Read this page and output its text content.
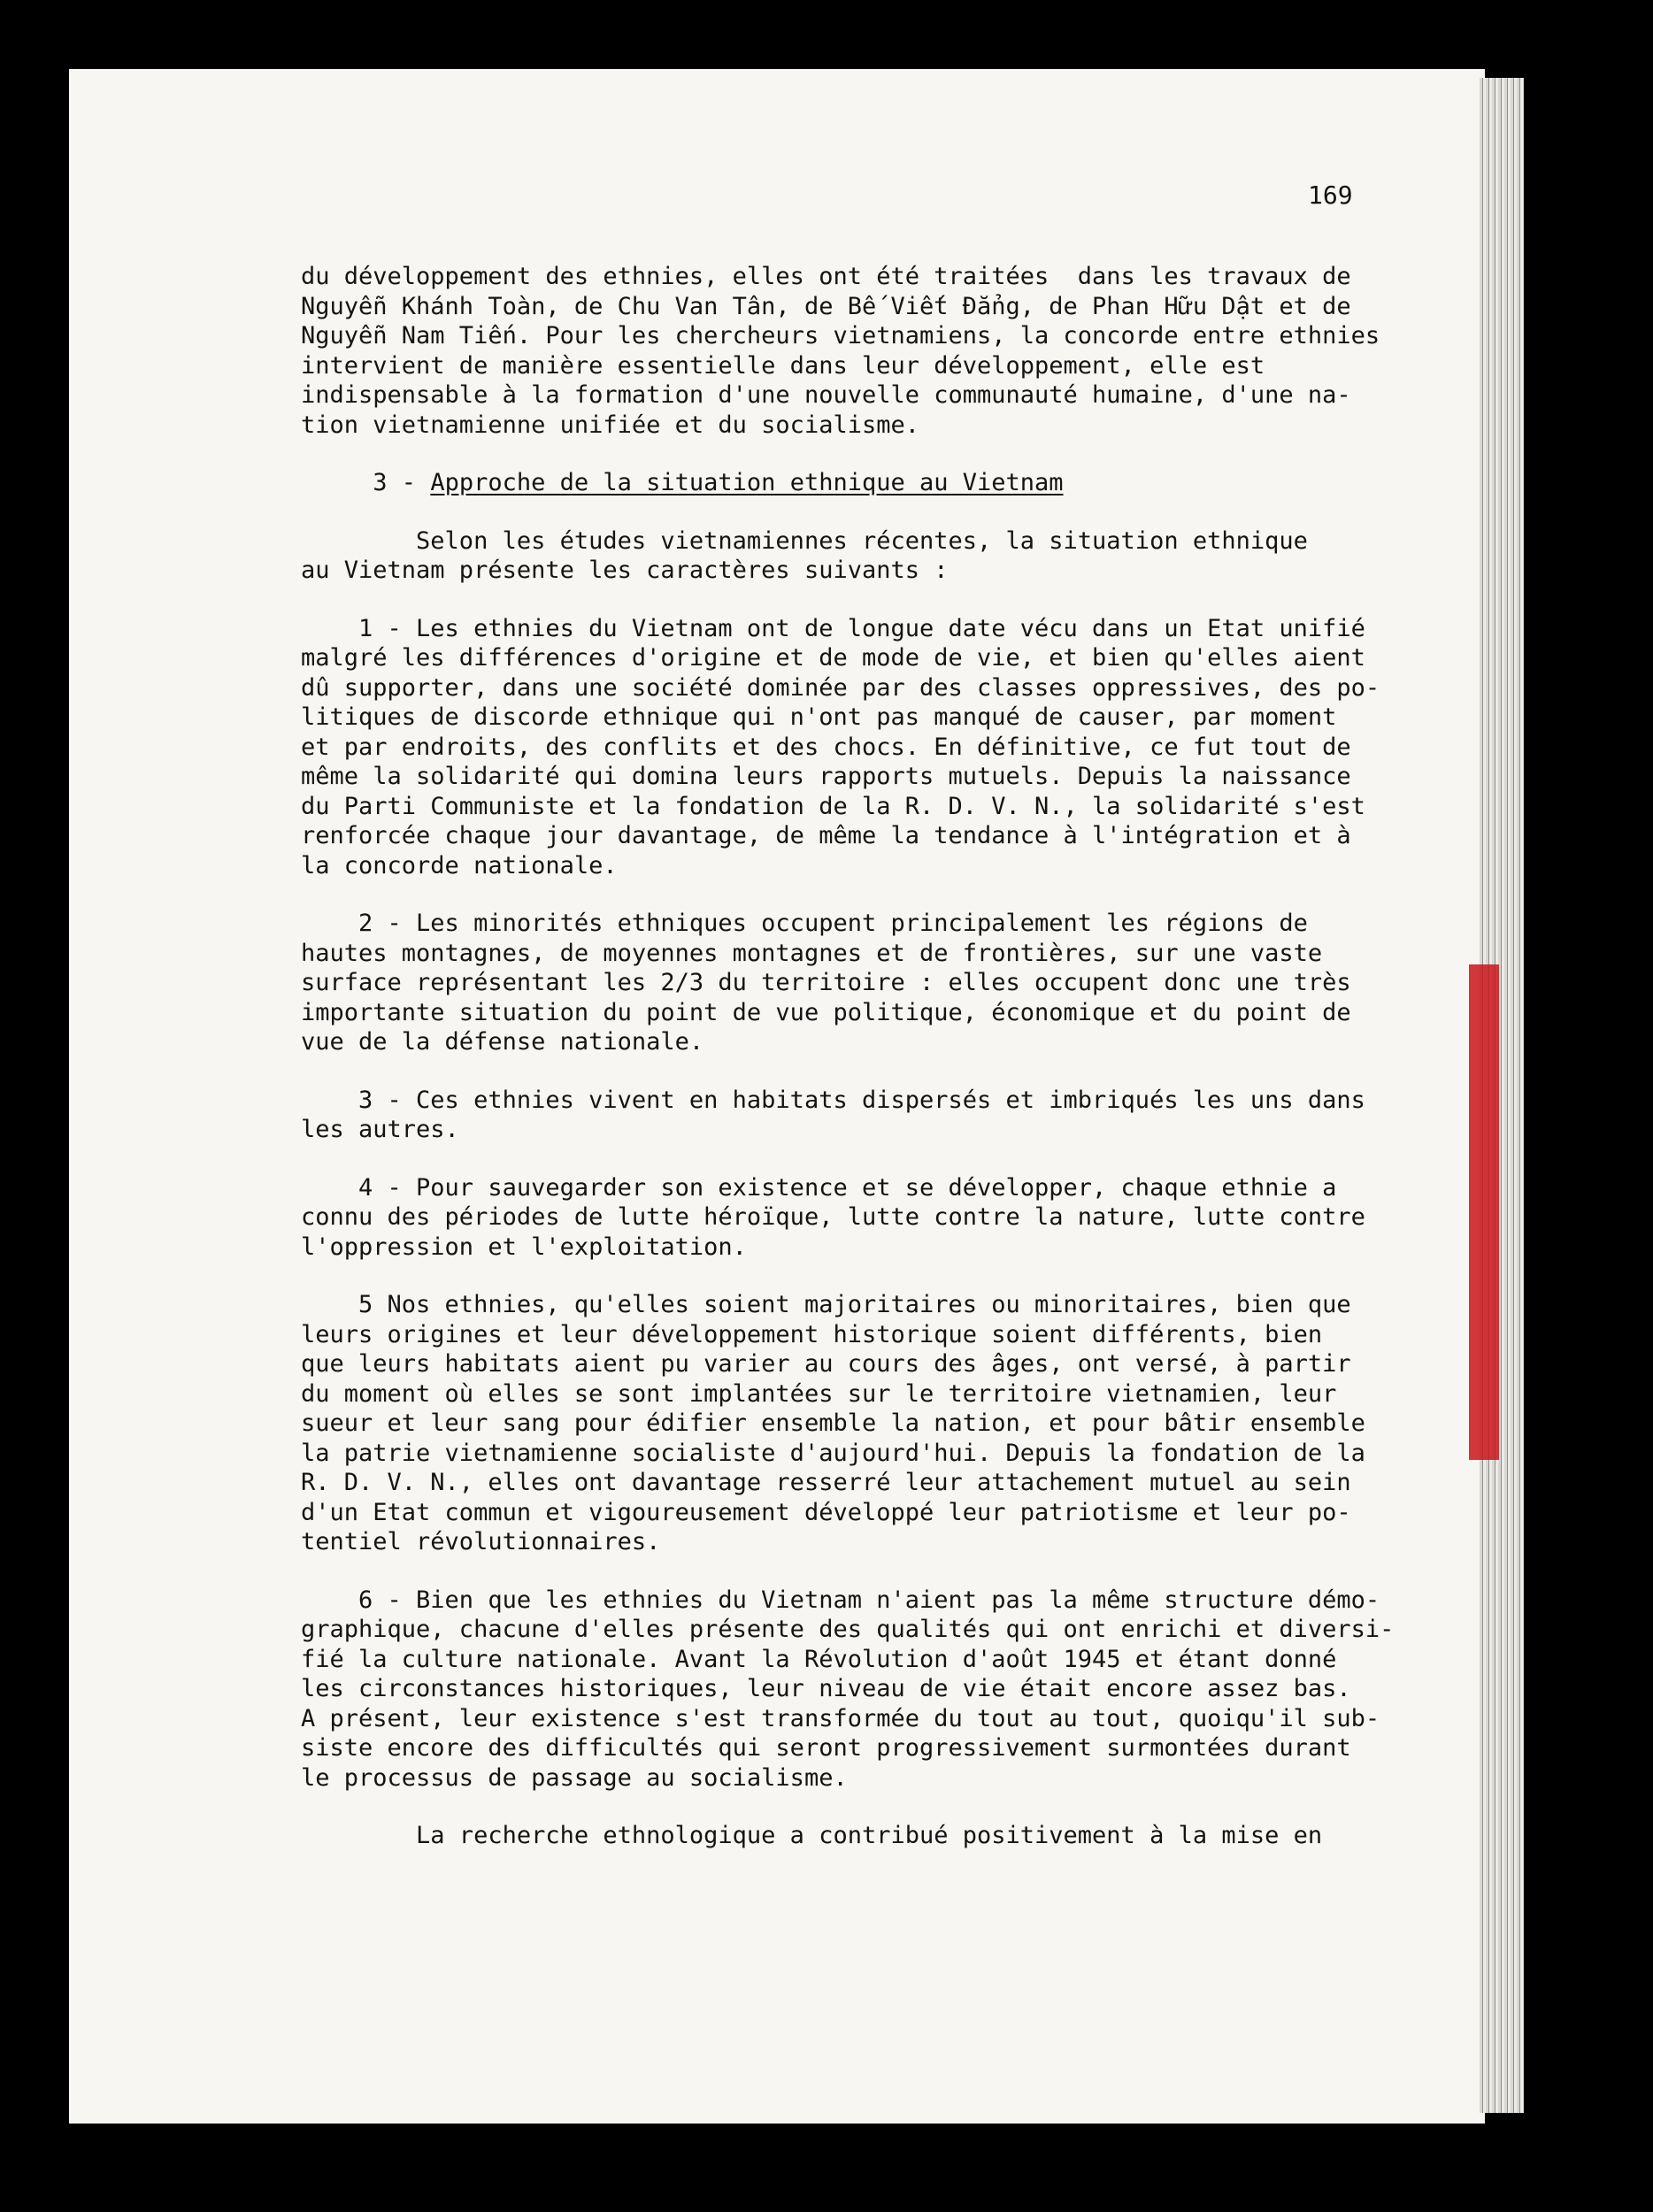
169
du développement des ethnies, elles ont été traitées  dans les travaux de
Nguyễn Khánh Toàn, de Chu Van Tân, de Bế Viết Đẳng, de Phan Hữu Dật et de
Nguyễn Nam Tiến. Pour les chercheurs vietnamiens, la concorde entre ethnies
intervient de manière essentielle dans leur développement, elle est
indispensable à la formation d'une nouvelle communauté humaine, d'une na-
tion vietnamienne unifiée et du socialisme.
3 - Approche de la situation ethnique au Vietnam
Selon les études vietnamiennes récentes, la situation ethnique
au Vietnam présente les caractères suivants :
1 - Les ethnies du Vietnam ont de longue date vécu dans un Etat unifié
malgré les différences d'origine et de mode de vie, et bien qu'elles aient
dû supporter, dans une société dominée par des classes oppressives, des po-
litiques de discorde ethnique qui n'ont pas manqué de causer, par moment
et par endroits, des conflits et des chocs. En définitive, ce fut tout de
même la solidarité qui domina leurs rapports mutuels. Depuis la naissance
du Parti Communiste et la fondation de la R. D. V. N., la solidarité s'est
renforcée chaque jour davantage, de même la tendance à l'intégration et à
la concorde nationale.
2 - Les minorités ethniques occupent principalement les régions de
hautes montagnes, de moyennes montagnes et de frontières, sur une vaste
surface représentant les 2/3 du territoire : elles occupent donc une très
importante situation du point de vue politique, économique et du point de
vue de la défense nationale.
3 - Ces ethnies vivent en habitats dispersés et imbriqués les uns dans
les autres.
4 - Pour sauvegarder son existence et se développer, chaque ethnie a
connu des périodes de lutte héroïque, lutte contre la nature, lutte contre
l'oppression et l'exploitation.
5 Nos ethnies, qu'elles soient majoritaires ou minoritaires, bien que
leurs origines et leur développement historique soient différents, bien
que leurs habitats aient pu varier au cours des âges, ont versé, à partir
du moment où elles se sont implantées sur le territoire vietnamien, leur
sueur et leur sang pour édifier ensemble la nation, et pour bâtir ensemble
la patrie vietnamienne socialiste d'aujourd'hui. Depuis la fondation de la
R. D. V. N., elles ont davantage resserré leur attachement mutuel au sein
d'un Etat commun et vigoureusement développé leur patriotisme et leur po-
tentiel révolutionnaires.
6 - Bien que les ethnies du Vietnam n'aient pas la même structure démo-
graphique, chacune d'elles présente des qualités qui ont enrichi et diversi-
fié la culture nationale. Avant la Révolution d'août 1945 et étant donné
les circonstances historiques, leur niveau de vie était encore assez bas.
A présent, leur existence s'est transformée du tout au tout, quoiqu'il sub-
siste encore des difficultés qui seront progressivement surmontées durant
le processus de passage au socialisme.
La recherche ethnologique a contribué positivement à la mise en
